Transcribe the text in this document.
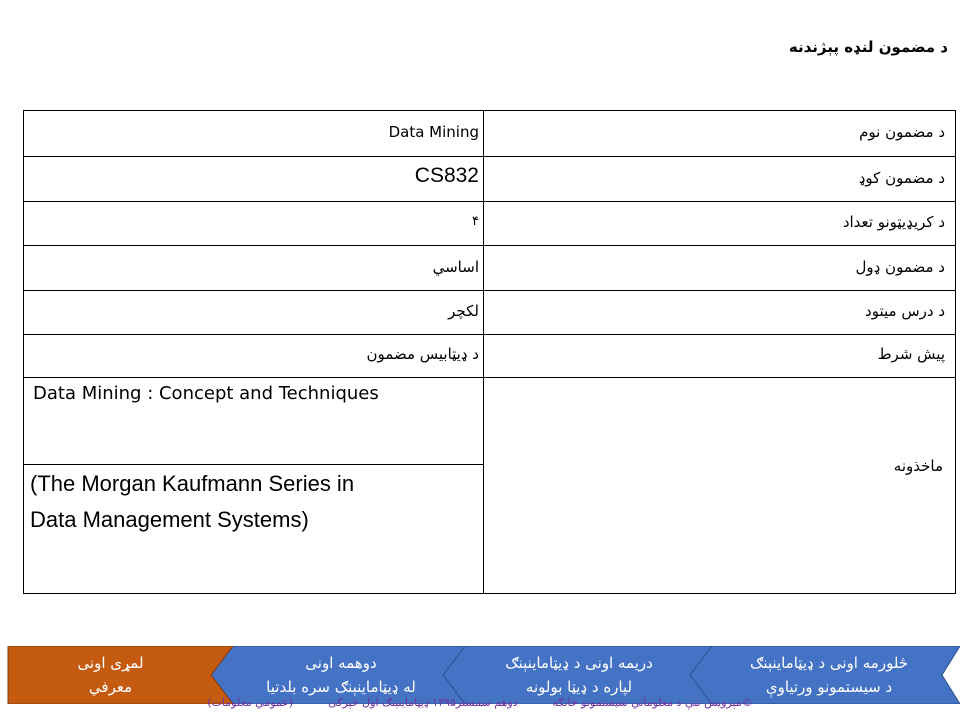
د مضمون لنډه پېژندنه
د مضمون نوم
Data Mining
د مضمون کوډ
CS832
د کریډیټونو تعداد
۴
د مضمون ډول
اساسي
د درس میتود
لکچر
پیش شرط
د ډیټابیس مضمون
Data Mining : Concept and Techniques
(The Morgan Kaufmann Series in
Data Management Systems)
ماخذونه
لمړی اونی
معرفي
دوهمه اونی
له ډیټاماینېنګ سره بلدتیا
دریمه اونی د ډیټاماینېنګ
لپاره د ډیټا بولونه
څلورمه اونی د ډیټاماینېنګ
د سیستمونو ورتیاوې
©مېرويس تنې د معلوماتي سیستمونو څانګه          دوهم سمستر۱۳۹۵ ډیټاماینېنګ اول څېرکی          (عمومي معلومات)
